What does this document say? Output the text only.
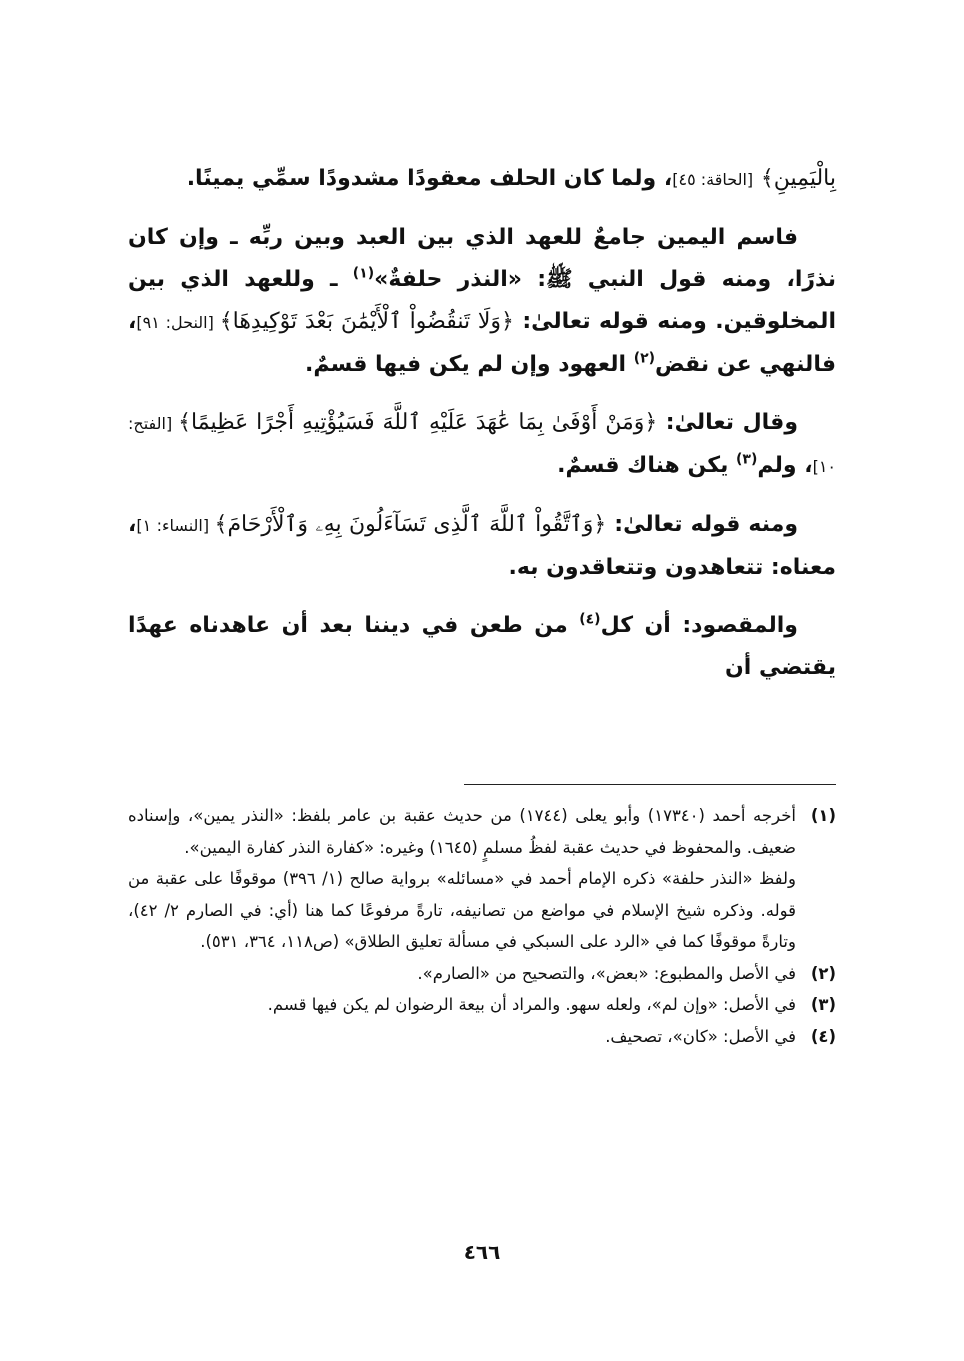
بِالْيَمِينِ﴾ [الحاقة: ٤٥]، ولما كان الحلف معقودًا مشدودًا سمِّي يمينًا.

فاسم اليمين جامعٌ للعهد الذي بين العبد وبين ربِّه ـ وإن كان نذرًا، ومنه قول النبي ﷺ: «النذر حلفةٌ»$^{(١)}$ ـ وللعهد الذي بين المخلوقين. ومنه قوله تعالىٰ: ﴿وَلَا تَنقُضُواْ ٱلْأَيْمَٰنَ بَعْدَ تَوْكِيدِهَا﴾ [النحل: ٩١]، فالنهي عن نقض$^{(٢)}$ العهود وإن لم يكن فيها قسمٌ.

وقال تعالىٰ: ﴿وَمَنْ أَوْفَىٰ بِمَا عَٰهَدَ عَلَيْهِ ٱللَّهَ فَسَيُؤْتِيهِ أَجْرًا عَظِيمًا﴾ [الفتح: ١٠]، ولم$^{(٣)}$ يكن هناك قسمٌ.

ومنه قوله تعالىٰ: ﴿وَٱتَّقُواْ ٱللَّهَ ٱلَّذِى تَسَآءَلُونَ بِهِۦ وَٱلْأَرْحَامَ﴾ [النساء: ١]، معناه: تتعاهدون وتتعاقدون به.

والمقصود: أن كل$^{(٤)}$ من طعن في ديننا بعد أن عاهدناه عهدًا يقتضي أن

(١)

أخرجه أحمد (١٧٣٤٠) وأبو يعلى (١٧٤٤) من حديث عقبة بن عامر بلفظ: «النذر يمين»، وإسناده ضعيف. والمحفوظ في حديث عقبة لفظُ مسلمٍ (١٦٤٥) وغيره: «كفارة النذر كفارة اليمين».

ولفظ «النذر حلفة» ذكره الإمام أحمد في «مسائله» برواية صالح (١/ ٣٩٦) موقوفًا على عقبة من قوله. وذكره شيخ الإسلام في مواضع من تصانيفه، تارةً مرفوعًا كما هنا (أي: في الصارم ٢/ ٤٢)، وتارةً موقوفًا كما في «الرد على السبكي في مسألة تعليق الطلاق» (ص١١٨، ٣٦٤، ٥٣١).

(٢)

في الأصل والمطبوع: «بعض»، والتصحيح من «الصارم».

(٣)

في الأصل: «وإن لم»، ولعله سهو. والمراد أن بيعة الرضوان لم يكن فيها قسم.

(٤)

في الأصل: «كان»، تصحيف.

٤٦٦
